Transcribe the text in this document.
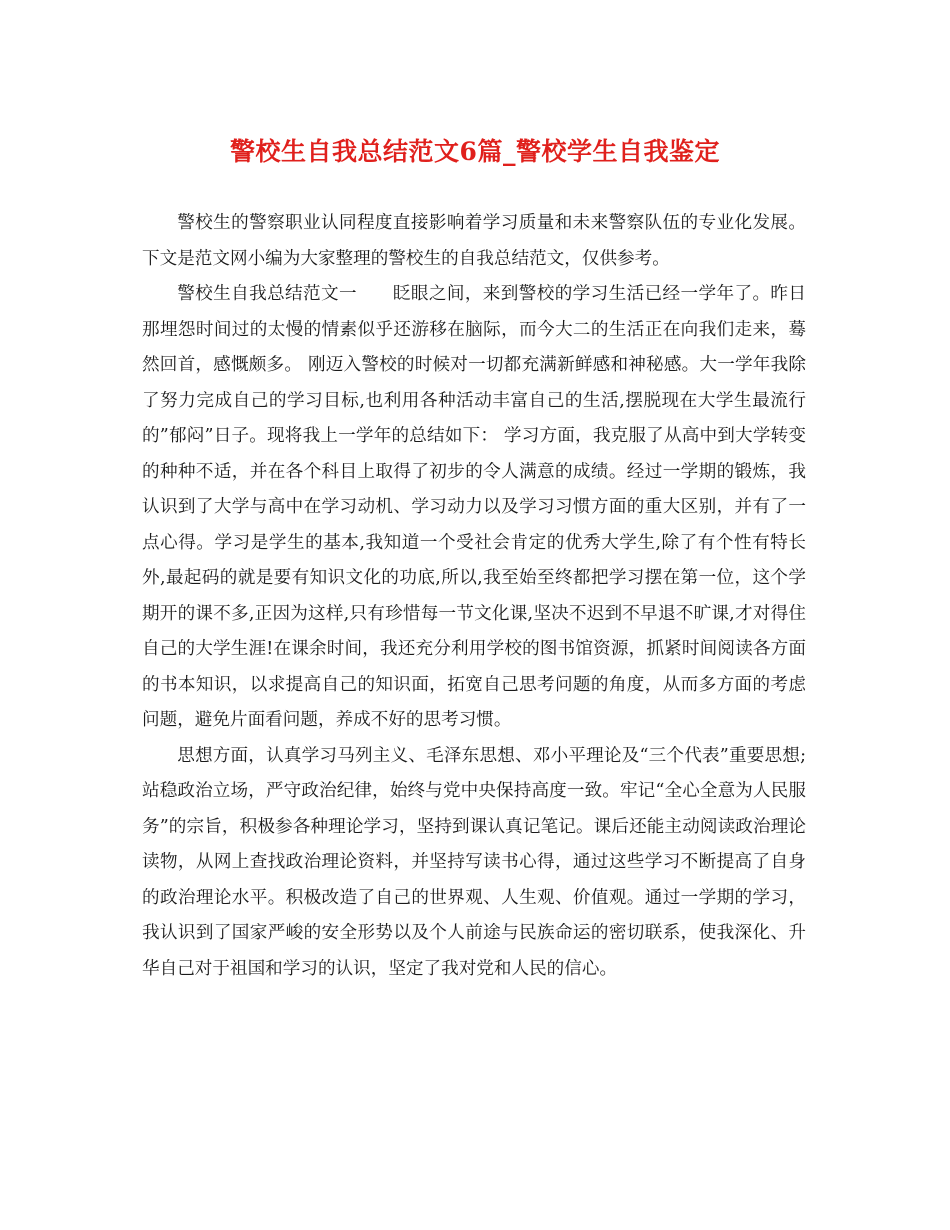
警校生自我总结范文6篇_警校学生自我鉴定

警校生的警察职业认同程度直接影响着学习质量和未来警察队伍的专业化发展。下文是范文网小编为大家整理的警校生的自我总结范文，仅供参考。

警校生自我总结范文一　　眨眼之间，来到警校的学习生活已经一学年了。昨日那埋怨时间过的太慢的情素似乎还游移在脑际，而今大二的生活正在向我们走来，蓦然回首，感慨颇多。 刚迈入警校的时候对一切都充满新鲜感和神秘感。大一学年我除了努力完成自己的学习目标,也利用各种活动丰富自己的生活,摆脱现在大学生最流行的”郁闷”日子。现将我上一学年的总结如下： 学习方面，我克服了从高中到大学转变的种种不适，并在各个科目上取得了初步的令人满意的成绩。经过一学期的锻炼，我认识到了大学与高中在学习动机、学习动力以及学习习惯方面的重大区别，并有了一点心得。学习是学生的基本,我知道一个受社会肯定的优秀大学生,除了有个性有特长外,最起码的就是要有知识文化的功底,所以,我至始至终都把学习摆在第一位，这个学期开的课不多,正因为这样,只有珍惜每一节文化课,坚决不迟到不早退不旷课,才对得住自己的大学生涯!在课余时间，我还充分利用学校的图书馆资源，抓紧时间阅读各方面的书本知识，以求提高自己的知识面，拓宽自己思考问题的角度，从而多方面的考虑问题，避免片面看问题，养成不好的思考习惯。

思想方面，认真学习马列主义、毛泽东思想、邓小平理论及“三个代表”重要思想;站稳政治立场，严守政治纪律，始终与党中央保持高度一致。牢记“全心全意为人民服务”的宗旨，积极参各种理论学习，坚持到课认真记笔记。课后还能主动阅读政治理论读物，从网上查找政治理论资料，并坚持写读书心得，通过这些学习不断提高了自身的政治理论水平。积极改造了自己的世界观、人生观、价值观。通过一学期的学习，我认识到了国家严峻的安全形势以及个人前途与民族命运的密切联系，使我深化、升华自己对于祖国和学习的认识，坚定了我对党和人民的信心。
